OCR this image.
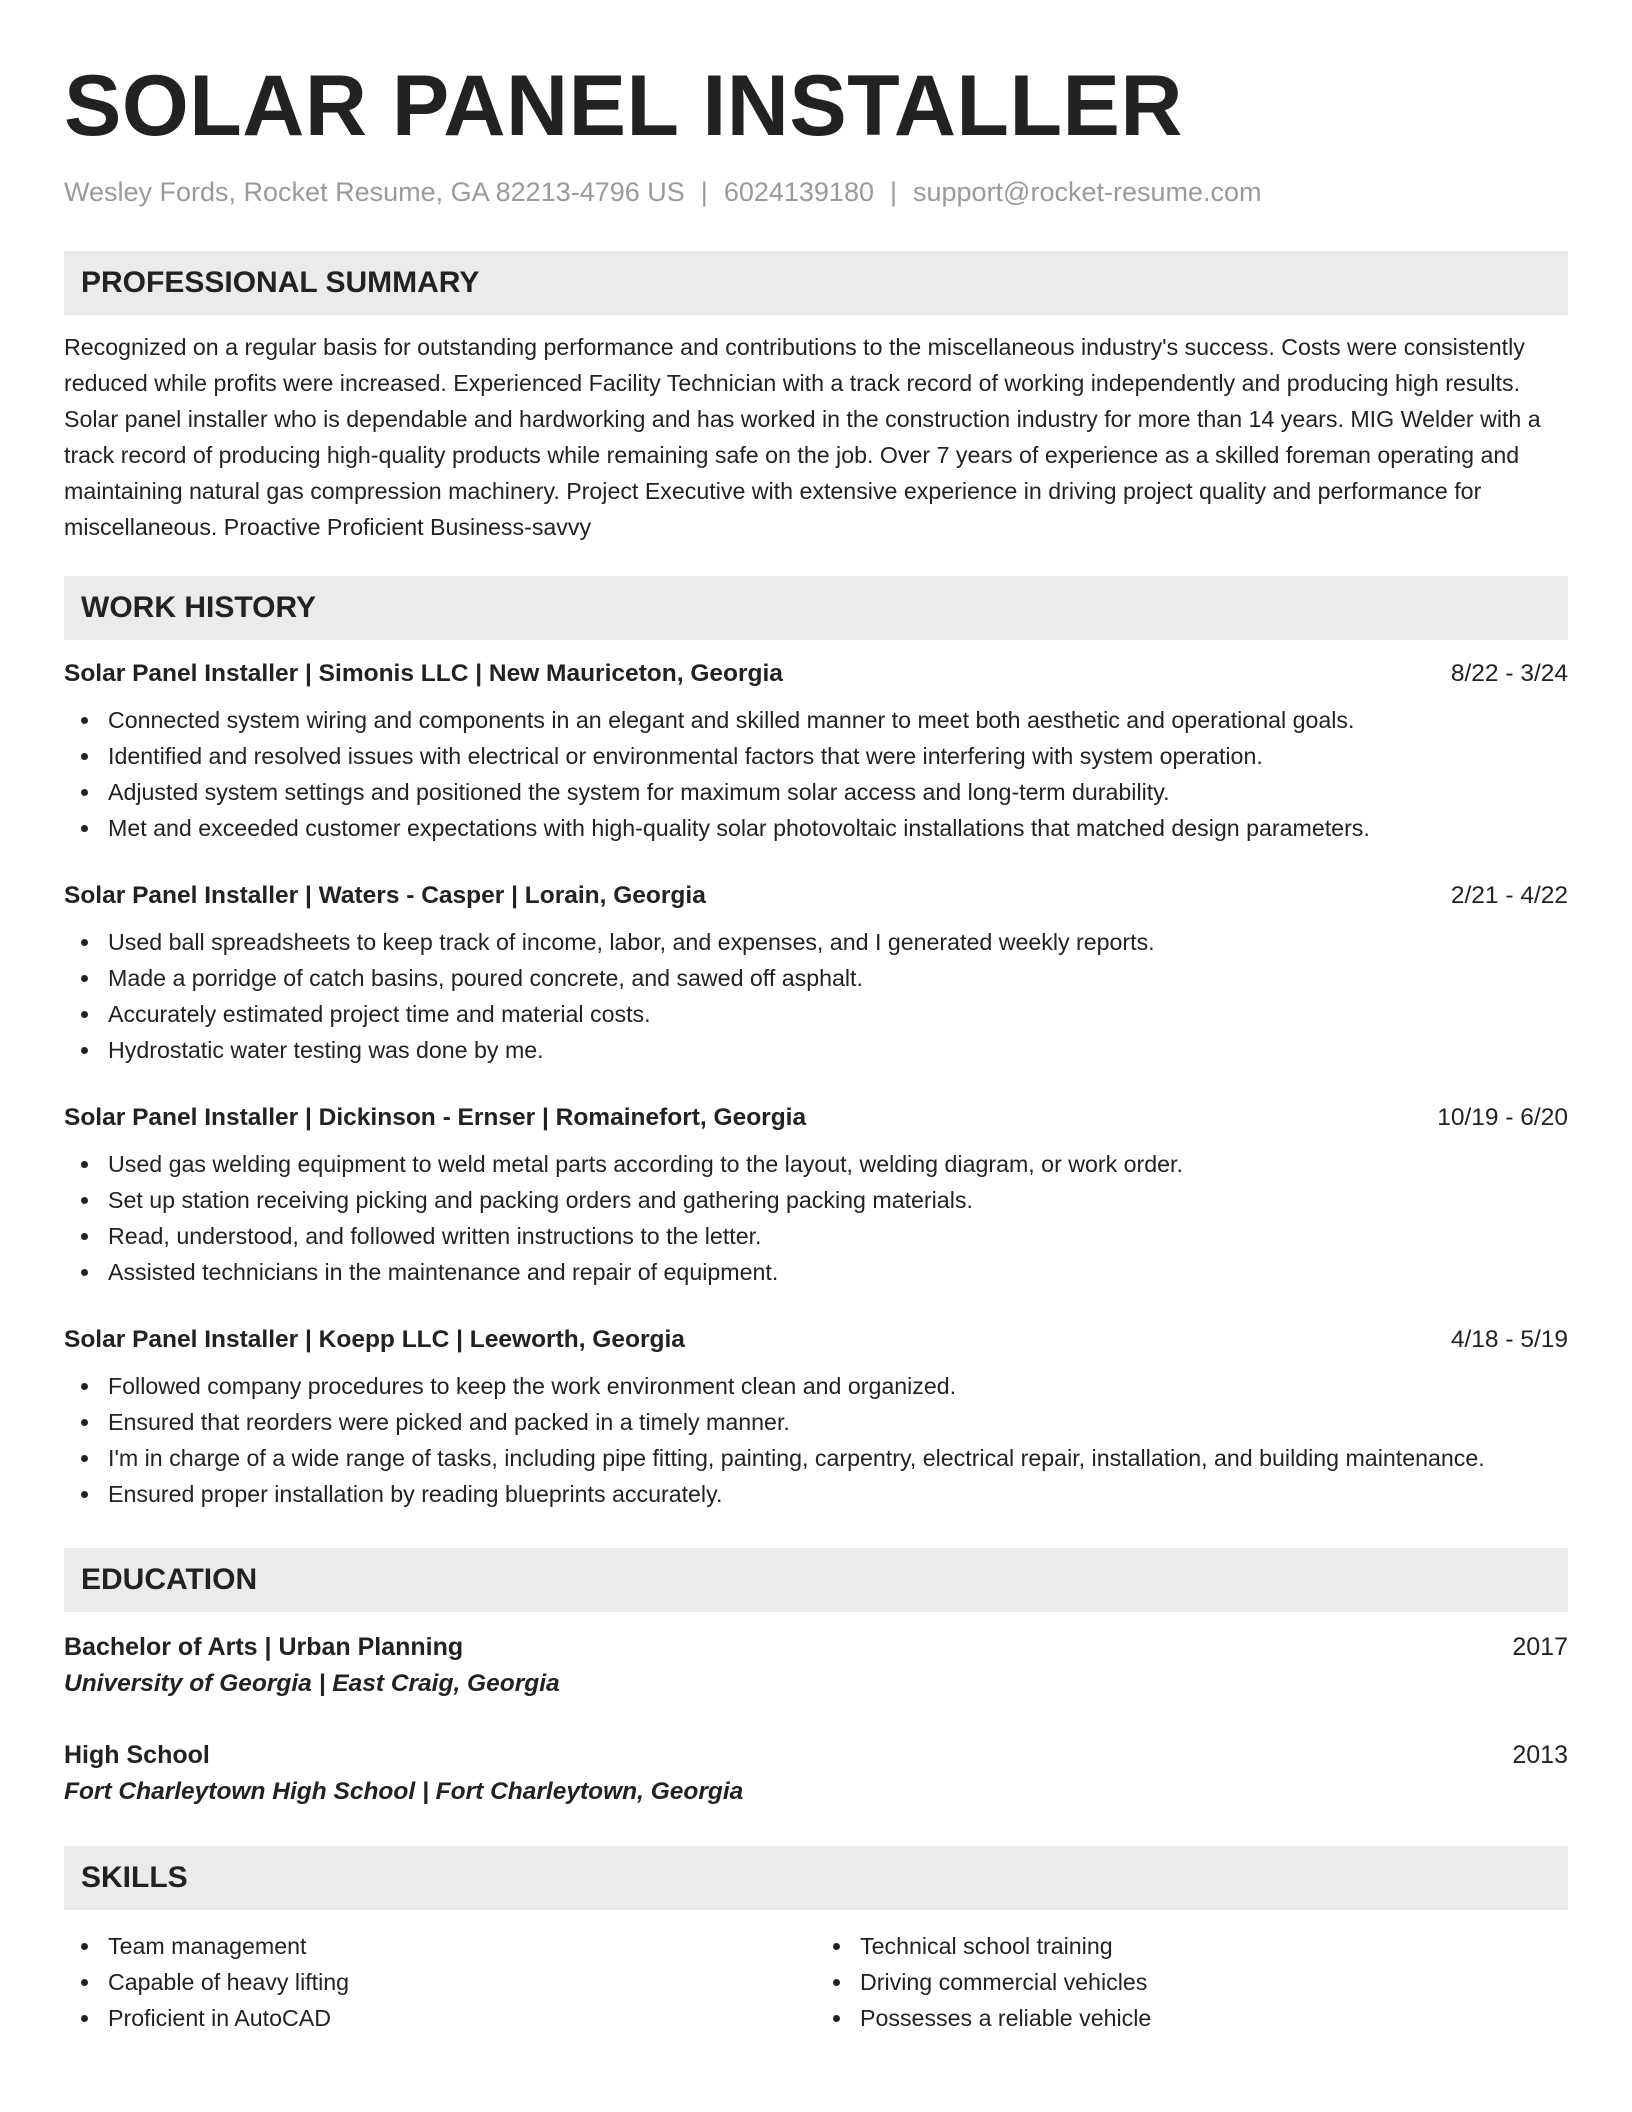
SOLAR PANEL INSTALLER
Wesley Fords, Rocket Resume, GA 82213-4796 US | 6024139180 | support@rocket-resume.com
PROFESSIONAL SUMMARY

Recognized on a regular basis for outstanding performance and contributions to the miscellaneous industry's success. Costs were consistently reduced while profits were increased. Experienced Facility Technician with a track record of working independently and producing high results. Solar panel installer who is dependable and hardworking and has worked in the construction industry for more than 14 years. MIG Welder with a track record of producing high-quality products while remaining safe on the job. Over 7 years of experience as a skilled foreman operating and maintaining natural gas compression machinery. Project Executive with extensive experience in driving project quality and performance for miscellaneous. Proactive Proficient Business-savvy

WORK HISTORY
Solar Panel Installer | Simonis LLC | New Mauriceton, Georgia	8/22 - 3/24
Connected system wiring and components in an elegant and skilled manner to meet both aesthetic and operational goals.
Identified and resolved issues with electrical or environmental factors that were interfering with system operation.
Adjusted system settings and positioned the system for maximum solar access and long-term durability.
Met and exceeded customer expectations with high-quality solar photovoltaic installations that matched design parameters.
Solar Panel Installer | Waters - Casper | Lorain, Georgia	2/21 - 4/22
Used ball spreadsheets to keep track of income, labor, and expenses, and I generated weekly reports.
Made a porridge of catch basins, poured concrete, and sawed off asphalt.
Accurately estimated project time and material costs.
Hydrostatic water testing was done by me.
Solar Panel Installer | Dickinson - Ernser | Romainefort, Georgia	10/19 - 6/20
Used gas welding equipment to weld metal parts according to the layout, welding diagram, or work order.
Set up station receiving picking and packing orders and gathering packing materials.
Read, understood, and followed written instructions to the letter.
Assisted technicians in the maintenance and repair of equipment.
Solar Panel Installer | Koepp LLC | Leeworth, Georgia	4/18 - 5/19
Followed company procedures to keep the work environment clean and organized.
Ensured that reorders were picked and packed in a timely manner.
I'm in charge of a wide range of tasks, including pipe fitting, painting, carpentry, electrical repair, installation, and building maintenance.
Ensured proper installation by reading blueprints accurately.
EDUCATION
Bachelor of Arts | Urban Planning	2017
University of Georgia | East Craig, Georgia
High School	2013
Fort Charleytown High School | Fort Charleytown, Georgia
SKILLS
Team management
Capable of heavy lifting
Proficient in AutoCAD
Technical school training
Driving commercial vehicles
Possesses a reliable vehicle
